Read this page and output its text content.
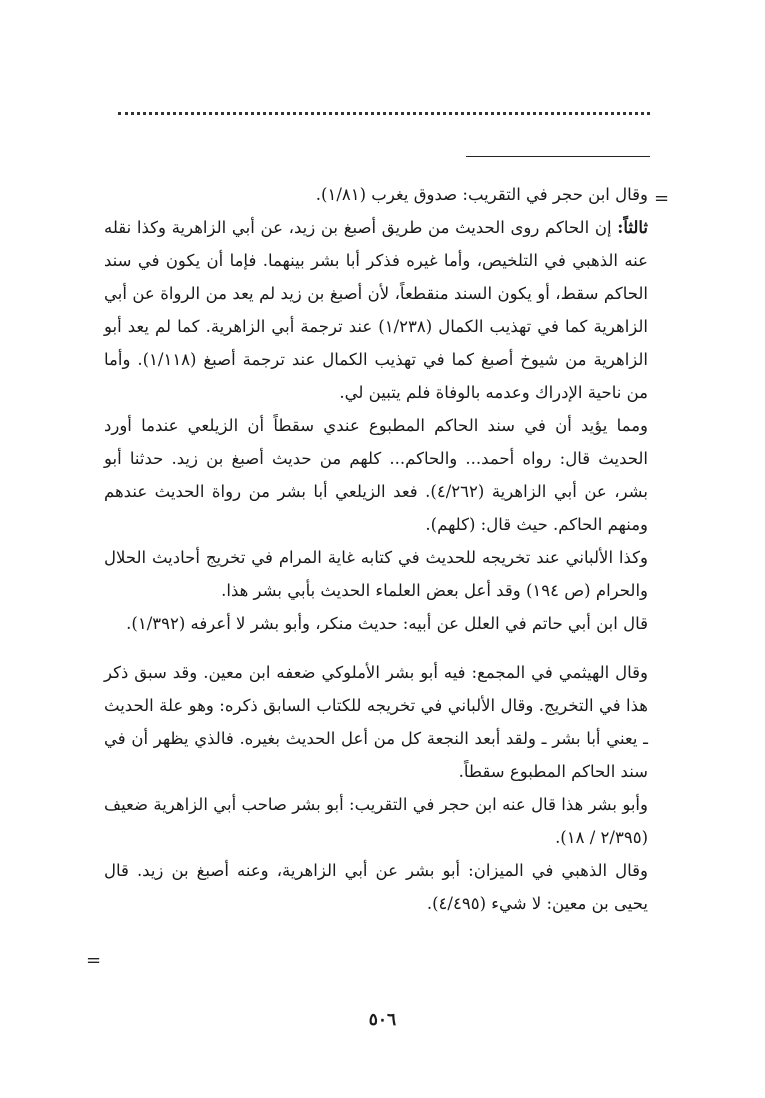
=

وقال ابن حجر في التقريب: صدوق يغرب (١/٨١).

ثالثاً: إن الحاكم روى الحديث من طريق أصبغ بن زيد، عن أبي الزاهرية وكذا نقله عنه الذهبي في التلخيص، وأما غيره فذكر أبا بشر بينهما. فإما أن يكون في سند الحاكم سقط، أو يكون السند منقطعاً، لأن أصبغ بن زيد لم يعد من الرواة عن أبي الزاهرية كما في تهذيب الكمال (١/٢٣٨) عند ترجمة أبي الزاهرية. كما لم يعد أبو الزاهرية من شيوخ أصبغ كما في تهذيب الكمال عند ترجمة أصبغ (١/١١٨). وأما من ناحية الإدراك وعدمه بالوفاة فلم يتبين لي.

ومما يؤيد أن في سند الحاكم المطبوع عندي سقطاً أن الزيلعي عندما أورد الحديث قال: رواه أحمد... والحاكم... كلهم من حديث أصبغ بن زيد. حدثنا أبو بشر، عن أبي الزاهرية (٤/٢٦٢). فعد الزيلعي أبا بشر من رواة الحديث عندهم ومنهم الحاكم. حيث قال: (كلهم).

وكذا الألباني عند تخريجه للحديث في كتابه غاية المرام في تخريج أحاديث الحلال والحرام (ص ١٩٤) وقد أعل بعض العلماء الحديث بأبي بشر هذا.

قال ابن أبي حاتم في العلل عن أبيه: حديث منكر، وأبو بشر لا أعرفه (١/٣٩٢).

وقال الهيثمي في المجمع: فيه أبو بشر الأملوكي ضعفه ابن معين. وقد سبق ذكر هذا في التخريج. وقال الألباني في تخريجه للكتاب السابق ذكره: وهو علة الحديث ـ يعني أبا بشر ـ ولقد أبعد النجعة كل من أعل الحديث بغيره. فالذي يظهر أن في سند الحاكم المطبوع سقطاً.

وأبو بشر هذا قال عنه ابن حجر في التقريب: أبو بشر صاحب أبي الزاهرية ضعيف (٢/٣٩٥ / ١٨).

وقال الذهبي في الميزان: أبو بشر عن أبي الزاهرية، وعنه أصبغ بن زيد. قال يحيى بن معين: لا شيء (٤/٤٩٥).

=
٥٠٦
